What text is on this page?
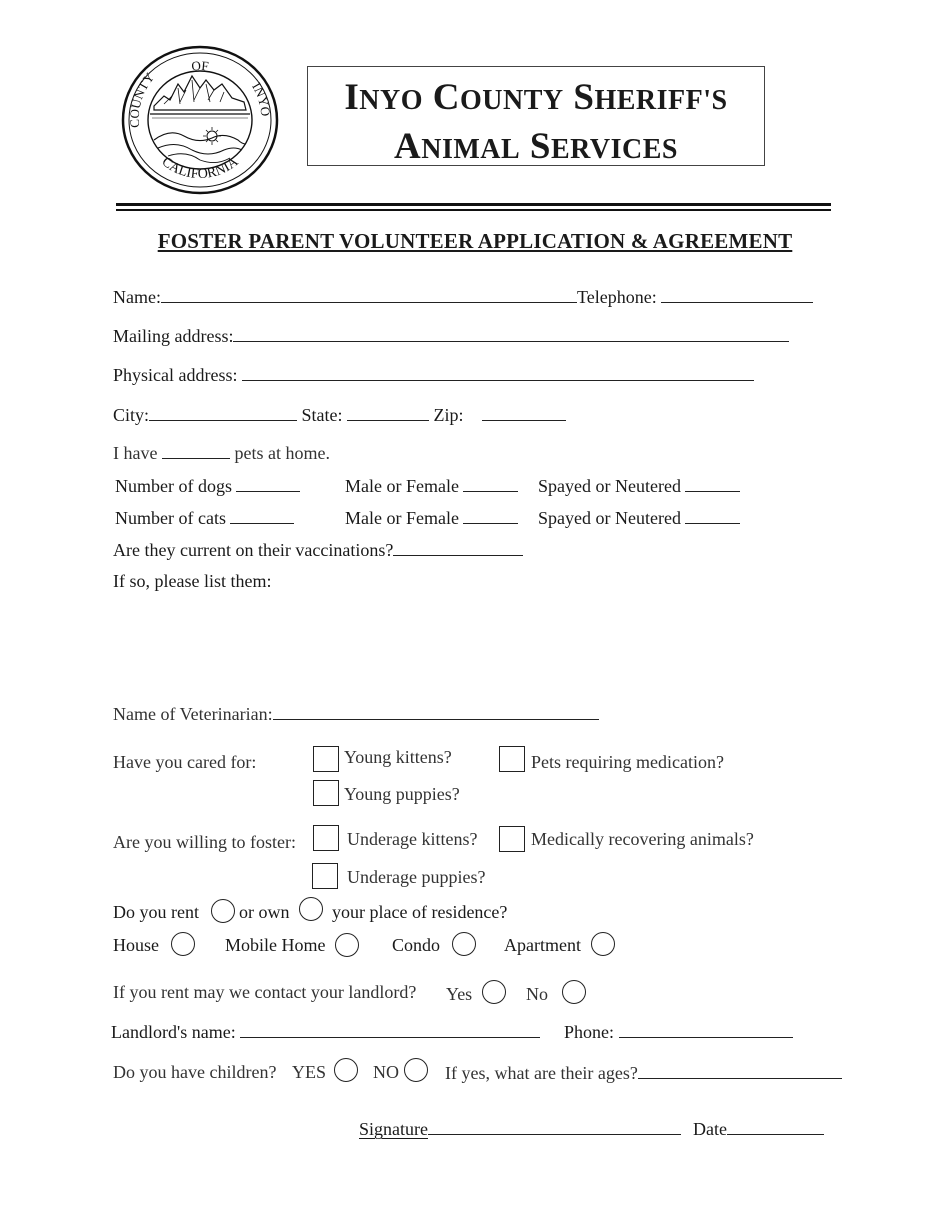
OF
COUNTY	INYO
CALIFORNIA
INYO COUNTY SHERIFF'S
ANIMAL SERVICES
FOSTER PARENT VOLUNTEER APPLICATION & AGREEMENT
Name:	Telephone:
Mailing address:
Physical address:
City:	State:	Zip:
I have	pets at home.
Number of dogs	Male or Female	Spayed or Neutered
Number of cats	Male or Female	Spayed or Neutered
Are they current on their vaccinations?
If so, please list them:
Name of Veterinarian:
Have you cared for:	Young kittens?	Pets requiring medication?
Young puppies?
Are you willing to foster:	Underage kittens?	Medically recovering animals?
Underage puppies?
Do you rent or own your place of residence?
House	Mobile Home	Condo	Apartment
If you rent may we contact your landlord? Yes	No
Landlord's name:	Phone:
Do you have children? YES	NO	If yes, what are their ages?
Signature	Date
